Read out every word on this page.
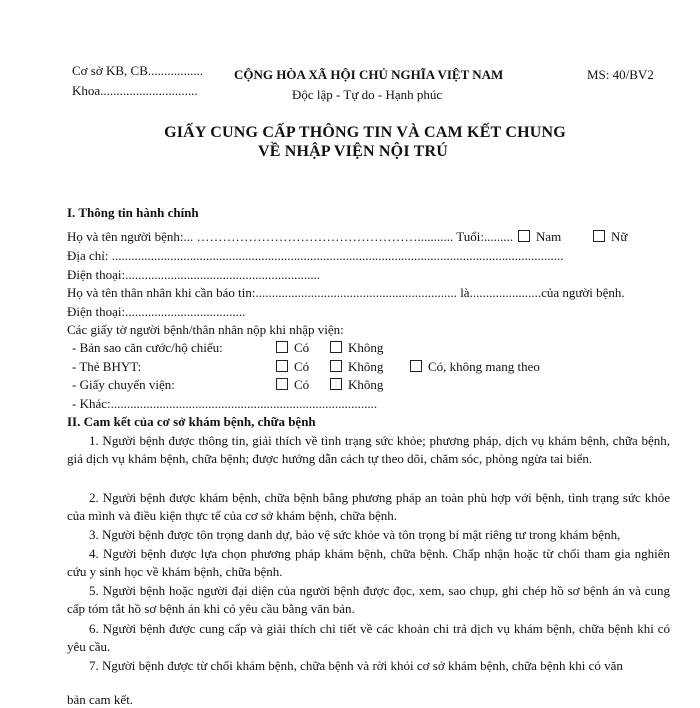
Cơ sở KB, CB.................
Khoa..............................
CỘNG HÒA XÃ HỘI CHỦ NGHĨA VIỆT NAM
Độc lập - Tự do - Hạnh phúc
MS: 40/BV2
GIẤY CUNG CẤP THÔNG TIN VÀ CAM KẾT CHUNG
VỀ NHẬP VIỆN NỘI TRÚ
I. Thông tin hành chính
Họ và tên người bệnh:... ……………………………………………........... Tuổi:.........	Nam	Nữ
Địa chỉ: ...........................................................................................................................................
Điện thoại:............................................................
Họ và tên thân nhân khi cần báo tin:.............................................................. là......................của người bệnh.
Điện thoại:.....................................
Các giấy tờ người bệnh/thân nhân nộp khi nhập viện:
- Bản sao căn cước/hộ chiếu:	Có	Không
- Thẻ BHYT:	Có	Không	Có, không mang theo
- Giấy chuyển viện:	Có	Không
- Khác:..................................................................................
II. Cam kết của cơ sở khám bệnh, chữa bệnh
1. Người bệnh được thông tin, giải thích về tình trạng sức khỏe; phương pháp, dịch vụ khám bệnh, chữa bệnh, giá dịch vụ khám bệnh, chữa bệnh; được hướng dẫn cách tự theo dõi, chăm sóc, phòng ngừa tai biến.
2. Người bệnh được khám bệnh, chữa bệnh bằng phương pháp an toàn phù hợp với bệnh, tình trạng sức khỏe của mình và điều kiện thực tế của cơ sở khám bệnh, chữa bệnh.
3. Người bệnh được tôn trọng danh dự, bảo vệ sức khỏe và tôn trọng bí mật riêng tư trong khám bệnh,
4. Người bệnh được lựa chọn phương pháp khám bệnh, chữa bệnh. Chấp nhận hoặc từ chối tham gia nghiên cứu y sinh học về khám bệnh, chữa bệnh.
5. Người bệnh hoặc người đại diện của người bệnh được đọc, xem, sao chụp, ghi chép hồ sơ bệnh án và cung cấp tóm tắt hồ sơ bệnh án khi có yêu cầu bằng văn bản.
6. Người bệnh được cung cấp và giải thích chi tiết về các khoản chi trả dịch vụ khám bệnh, chữa bệnh khi có yêu cầu.
7. Người bệnh được từ chối khám bệnh, chữa bệnh và rời khỏi cơ sở khám bệnh, chữa bệnh khi có văn
bản cam kết.
